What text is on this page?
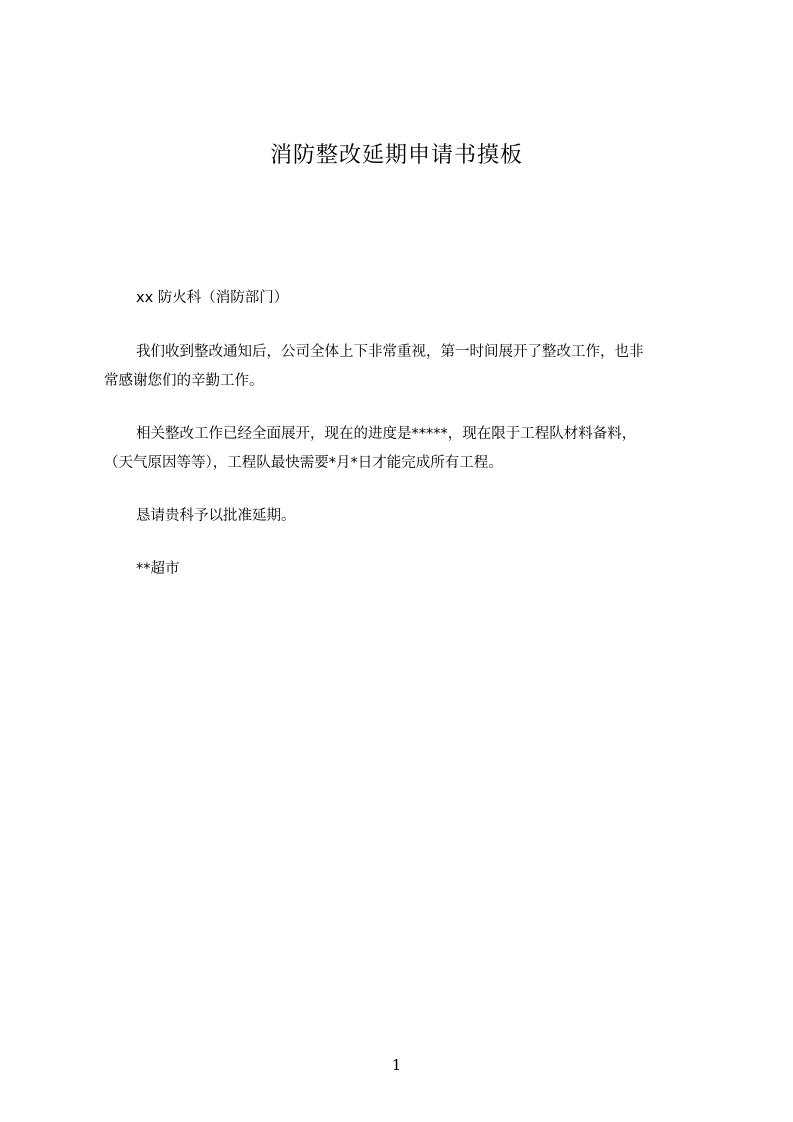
消防整改延期申请书摸板
xx 防火科（消防部门）
我们收到整改通知后，公司全体上下非常重视，第一时间展开了整改工作，也非
常感谢您们的辛勤工作。
相关整改工作已经全面展开，现在的进度是*****，现在限于工程队材料备料，
（天气原因等等），工程队最快需要*月*日才能完成所有工程。
恳请贵科予以批准延期。
**超市
1
